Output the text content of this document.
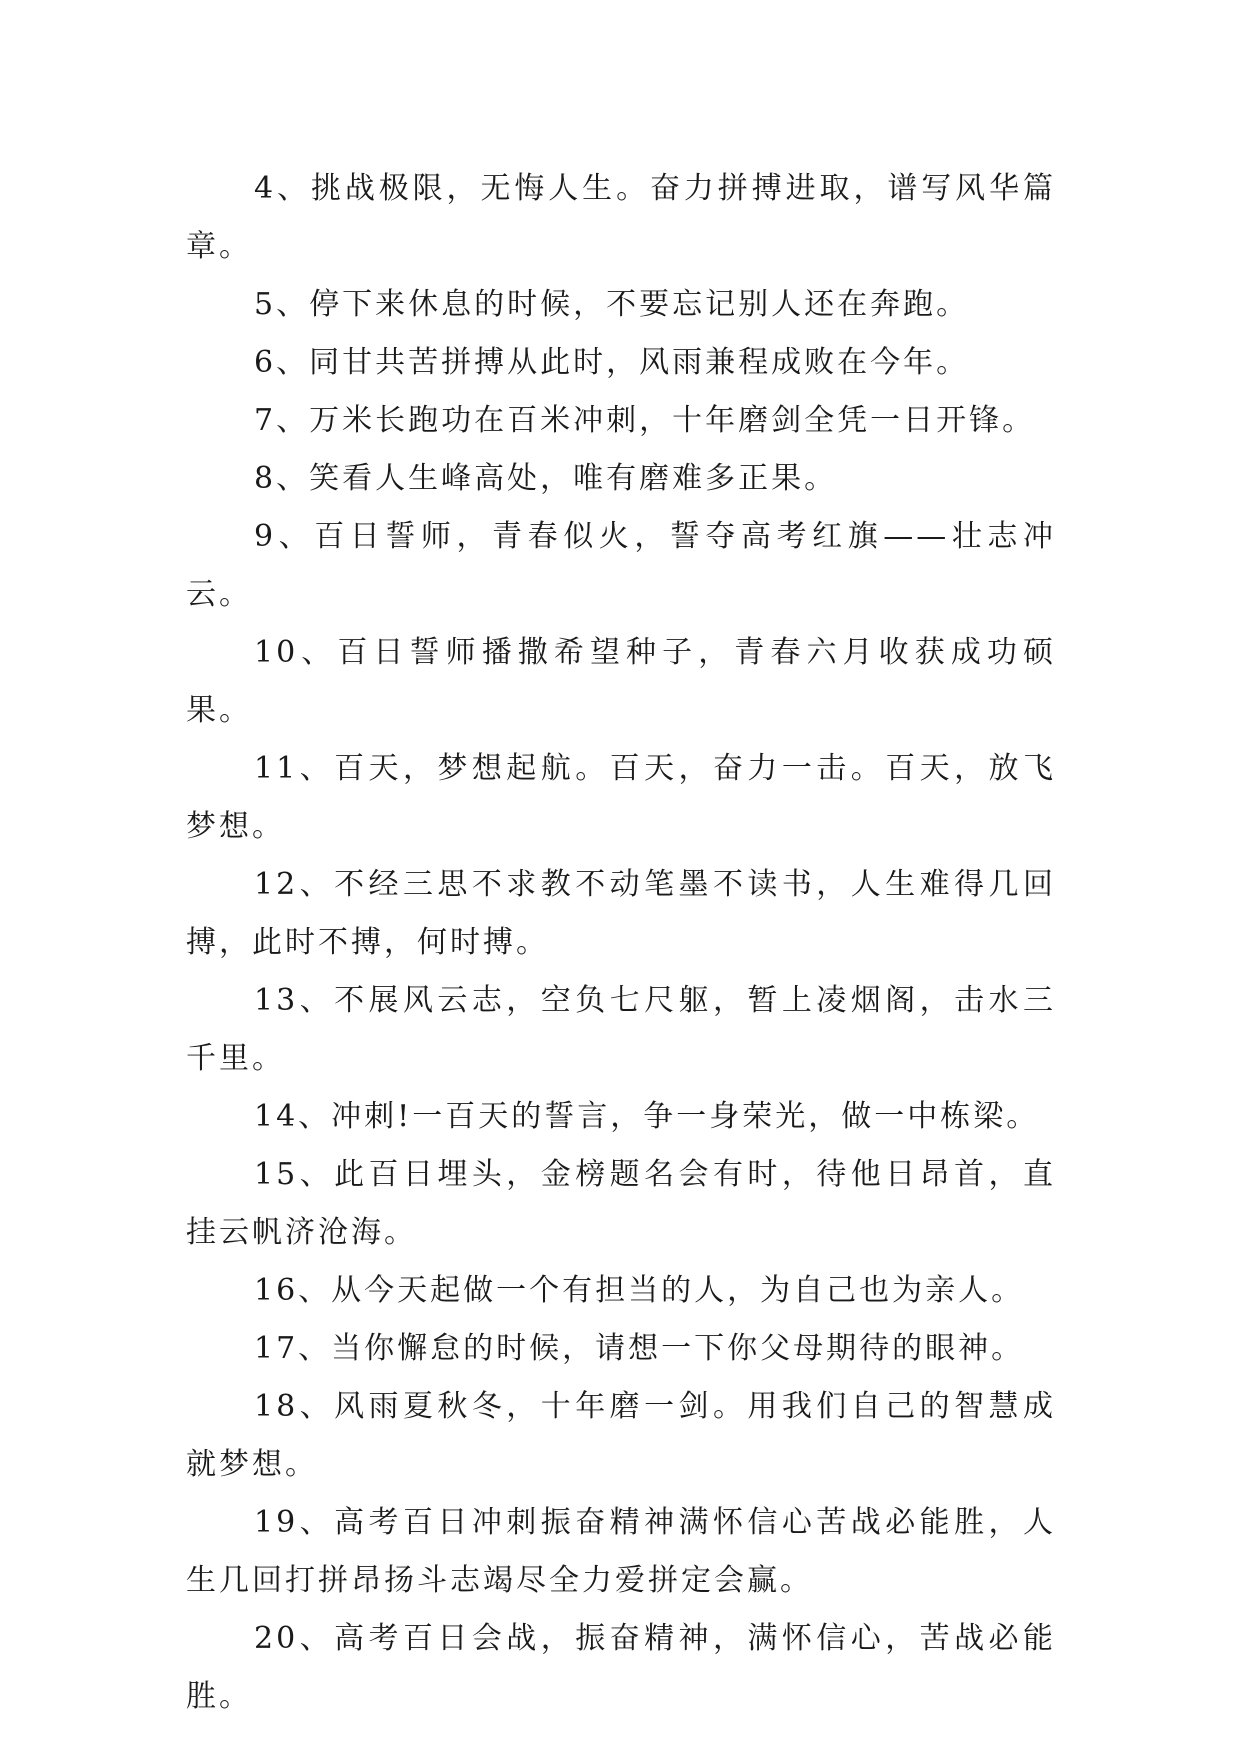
4、挑战极限，无悔人生。奋力拼搏进取，谱写风华篇章。

5、停下来休息的时候，不要忘记别人还在奔跑。

6、同甘共苦拼搏从此时，风雨兼程成败在今年。

7、万米长跑功在百米冲刺，十年磨剑全凭一日开锋。

8、笑看人生峰高处，唯有磨难多正果。

9、百日誓师，青春似火，誓夺高考红旗——壮志冲云。

10、百日誓师播撒希望种子，青春六月收获成功硕果。

11、百天，梦想起航。百天，奋力一击。百天，放飞梦想。

12、不经三思不求教不动笔墨不读书，人生难得几回搏，此时不搏，何时搏。

13、不展风云志，空负七尺躯，暂上凌烟阁，击水三千里。

14、冲刺!一百天的誓言，争一身荣光，做一中栋梁。

15、此百日埋头，金榜题名会有时，待他日昂首，直挂云帆济沧海。

16、从今天起做一个有担当的人，为自己也为亲人。

17、当你懈怠的时候，请想一下你父母期待的眼神。

18、风雨夏秋冬，十年磨一剑。用我们自己的智慧成就梦想。

19、高考百日冲刺振奋精神满怀信心苦战必能胜，人生几回打拼昂扬斗志竭尽全力爱拼定会赢。

20、高考百日会战，振奋精神，满怀信心，苦战必能胜。
